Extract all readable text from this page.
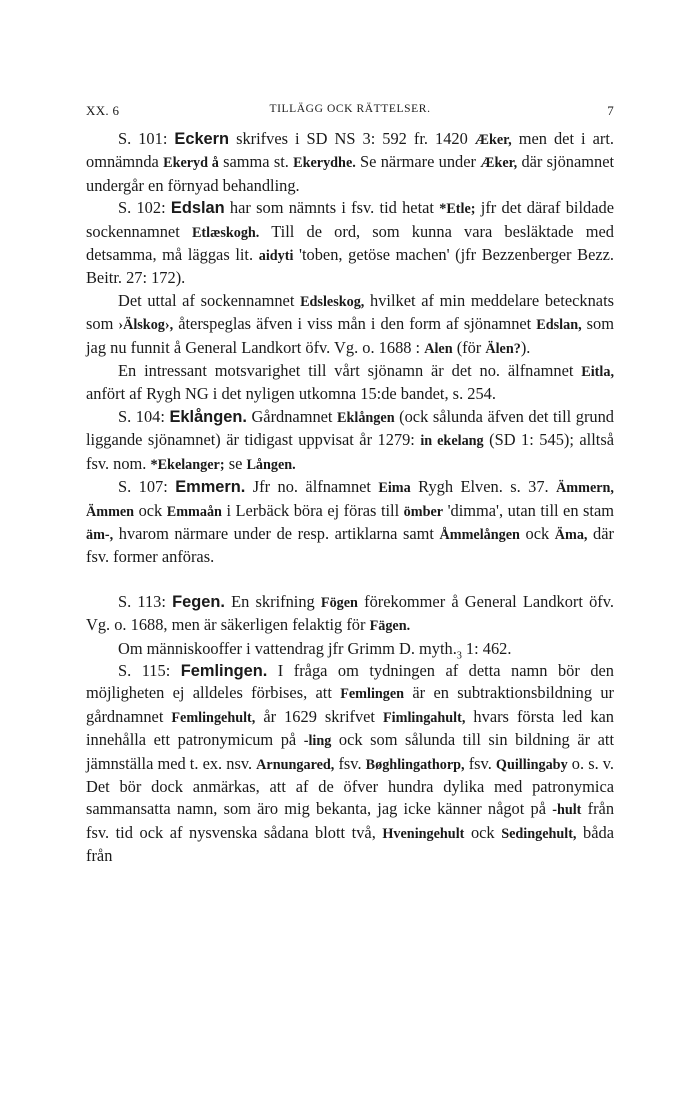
XX. 6	TILLÄGG OCK RÄTTELSER.	7

S. 101: Eckern skrifves i SD NS 3: 592 fr. 1420 Æker, men det i art. omnämnda Ekeryd å samma st. Ekerydhe. Se närmare under Æker, där sjönamnet undergår en förnyad behandling.

S. 102: Edslan har som nämnts i fsv. tid hetat *Etle; jfr det däraf bildade sockennamnet Etlæskogh. Till de ord, som kunna vara besläktade med detsamma, må läggas lit. aidyti 'toben, getöse machen' (jfr Bezzenberger Bezz. Beitr. 27: 172).

Det uttal af sockennamnet Edsleskog, hvilket af min meddelare betecknats som ›Älskog›, återspeglas äfven i viss mån i den form af sjönamnet Edslan, som jag nu funnit å General Landkort öfv. Vg. o. 1688 : Alen (för Älen?).

En intressant motsvarighet till vårt sjönamn är det no. älfnamnet Eitla, anfört af Rygh NG i det nyligen utkomna 15:de bandet, s. 254.

S. 104: Eklången. Gårdnamnet Eklången (ock sålunda äfven det till grund liggande sjönamnet) är tidigast uppvisat år 1279: in ekelang (SD 1: 545); alltså fsv. nom. *Ekelanger; se Lången.

S. 107: Emmern. Jfr no. älfnamnet Eima Rygh Elven. s. 37. Ämmern, Ämmen ock Emmaån i Lerbäck böra ej föras till ömber 'dimma', utan till en stam äm-, hvarom närmare under de resp. artiklarna samt Åmmelången ock Äma, där fsv. former anföras.

S. 113: Fegen. En skrifning Fögen förekommer å General Landkort öfv. Vg. o. 1688, men är säkerligen felaktig för Fägen.

Om människooffer i vattendrag jfr Grimm D. $myth._3$ 1: 462.

S. 115: Femlingen. I fråga om tydningen af detta namn bör den möjligheten ej alldeles förbises, att Femlingen är en subtraktionsbildning ur gårdnamnet Femlingehult, år 1629 skrifvet Fimlingahult, hvars första led kan innehålla ett patronymicum på -ling ock som sålunda till sin bildning är att jämnställa med t. ex. nsv. Arnungared, fsv. Bøghlingathorp, fsv. Quillingaby o. s. v. Det bör dock anmärkas, att af de öfver hundra dylika med patronymica sammansatta namn, som äro mig bekanta, jag icke känner något på -hult från fsv. tid ock af nysvenska sådana blott två, Hveningehult ock Sedingehult, båda från
